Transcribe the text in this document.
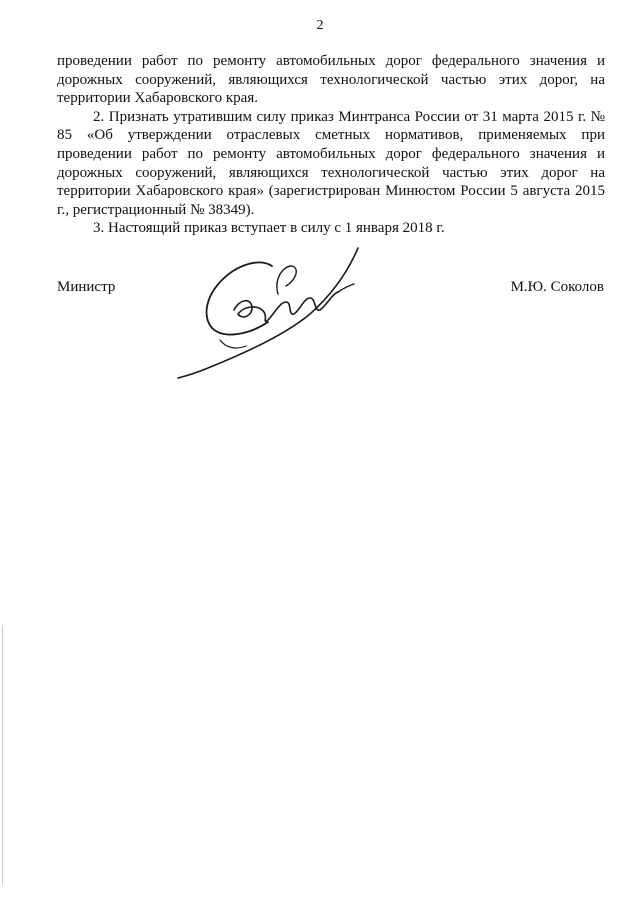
2

проведении работ по ремонту автомобильных дорог федерального значения и дорожных сооружений, являющихся технологической частью этих дорог, на территории Хабаровского края.

2. Признать утратившим силу приказ Минтранса России от 31 марта 2015 г. № 85 «Об утверждении отраслевых сметных нормативов, применяемых при проведении работ по ремонту автомобильных дорог федерального значения и дорожных сооружений, являющихся технологической частью этих дорог на территории Хабаровского края» (зарегистрирован Минюстом России 5 августа 2015 г., регистрационный № 38349).

3. Настоящий приказ вступает в силу с 1 января 2018 г.

Министр	М.Ю. Соколов
